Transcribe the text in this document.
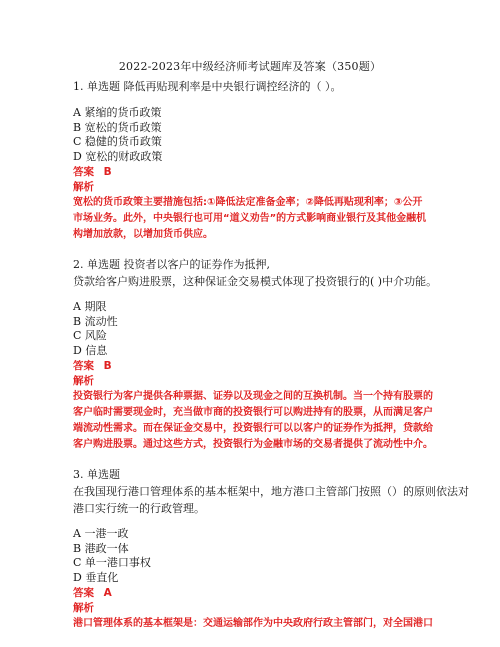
2022-2023年中级经济师考试题库及答案（350题）
1. 单选题 降低再贴现利率是中央银行调控经济的（ ）。
A 紧缩的货币政策
B 宽松的货币政策
C 稳健的货币政策
D 宽松的财政政策
答案 B
解析
宽松的货币政策主要措施包括:①降低法定准备金率；②降低再贴现利率；③公开
市场业务。此外，中央银行也可用“道义劝告”的方式影响商业银行及其他金融机
构增加放款，以增加货币供应。
2. 单选题 投资者以客户的证券作为抵押,
贷款给客户购进股票，这种保证金交易模式体现了投资银行的( )中介功能。
A 期限
B 流动性
C 风险
D 信息
答案 B
解析
投资银行为客户提供各种票据、证券以及现金之间的互换机制。当一个持有股票的
客户临时需要现金时，充当做市商的投资银行可以购进持有的股票，从而满足客户
端流动性需求。而在保证金交易中，投资银行可以以客户的证券作为抵押，贷款给
客户购进股票。通过这些方式，投资银行为金融市场的交易者提供了流动性中介。
3. 单选题
在我国现行港口管理体系的基本框架中，地方港口主管部门按照（）的原则依法对
港口实行统一的行政管理。
A 一港一政
B 港政一体
C 单一港口事权
D 垂直化
答案 A
解析
港口管理体系的基本框架是：交通运输部作为中央政府行政主管部门，对全国港口
